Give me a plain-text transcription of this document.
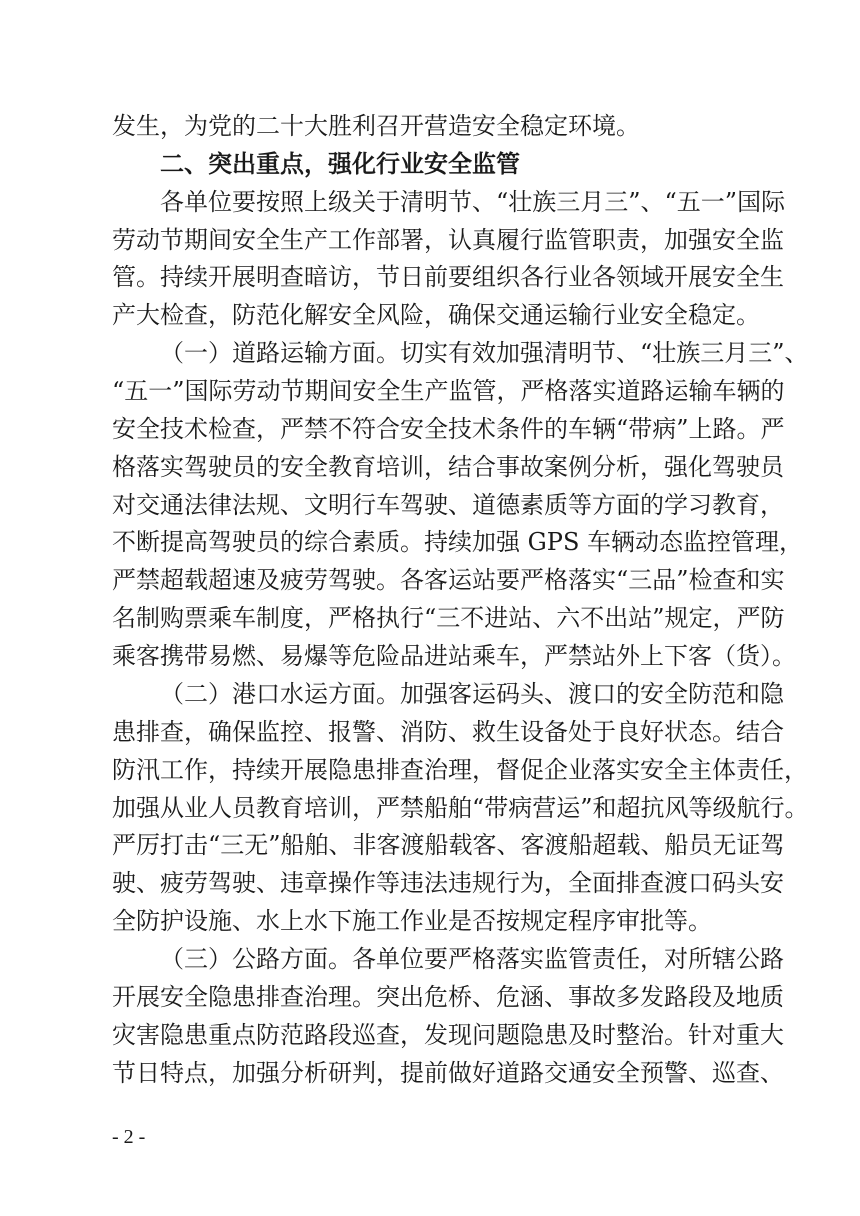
发生，为党的二十大胜利召开营造安全稳定环境。
二、突出重点，强化行业安全监管
各单位要按照上级关于清明节、“壮族三月三”、“五一”国际
劳动节期间安全生产工作部署，认真履行监管职责，加强安全监
管。持续开展明查暗访，节日前要组织各行业各领域开展安全生
产大检查，防范化解安全风险，确保交通运输行业安全稳定。
（一）道路运输方面。切实有效加强清明节、“壮族三月三”、
“五一”国际劳动节期间安全生产监管，严格落实道路运输车辆的
安全技术检查，严禁不符合安全技术条件的车辆“带病”上路。严
格落实驾驶员的安全教育培训，结合事故案例分析，强化驾驶员
对交通法律法规、文明行车驾驶、道德素质等方面的学习教育，
不断提高驾驶员的综合素质。持续加强 GPS 车辆动态监控管理，
严禁超载超速及疲劳驾驶。各客运站要严格落实“三品”检查和实
名制购票乘车制度，严格执行“三不进站、六不出站”规定，严防
乘客携带易燃、易爆等危险品进站乘车，严禁站外上下客（货）。
（二）港口水运方面。加强客运码头、渡口的安全防范和隐
患排查，确保监控、报警、消防、救生设备处于良好状态。结合
防汛工作，持续开展隐患排查治理，督促企业落实安全主体责任，
加强从业人员教育培训，严禁船舶“带病营运”和超抗风等级航行。
严厉打击“三无”船舶、非客渡船载客、客渡船超载、船员无证驾
驶、疲劳驾驶、违章操作等违法违规行为，全面排查渡口码头安
全防护设施、水上水下施工作业是否按规定程序审批等。
（三）公路方面。各单位要严格落实监管责任，对所辖公路
开展安全隐患排查治理。突出危桥、危涵、事故多发路段及地质
灾害隐患重点防范路段巡查，发现问题隐患及时整治。针对重大
节日特点，加强分析研判，提前做好道路交通安全预警、巡查、
- 2 -
